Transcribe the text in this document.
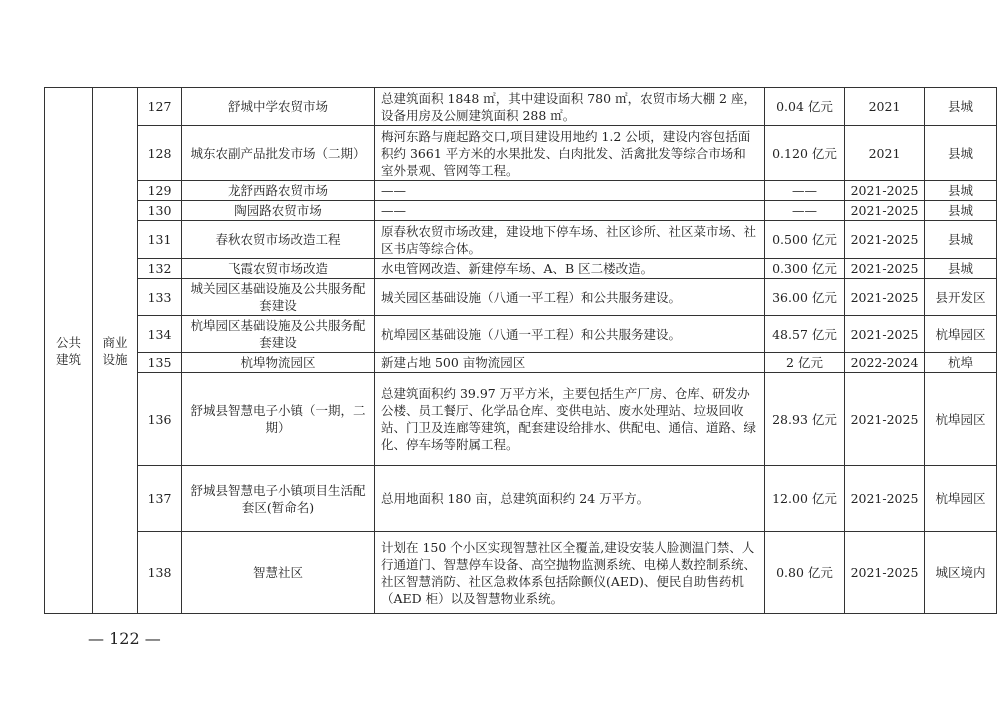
公共建筑	商业设施	127	舒城中学农贸市场	总建筑面积 1848 ㎡，其中建设面积 780 ㎡，农贸市场大棚 2 座，设备用房及公厕建筑面积 288 ㎡。	0.04 亿元	2021	县城
		128	城东农副产品批发市场（二期）	梅河东路与鹿起路交口,项目建设用地约 1.2 公顷，建设内容包括面积约 3661 平方米的水果批发、白肉批发、活禽批发等综合市场和室外景观、管网等工程。	0.120 亿元	2021	县城
		129	龙舒西路农贸市场	——	——	2021-2025	县城
		130	陶园路农贸市场	——	——	2021-2025	县城
		131	春秋农贸市场改造工程	原春秋农贸市场改建，建设地下停车场、社区诊所、社区菜市场、社区书店等综合体。	0.500 亿元	2021-2025	县城
		132	飞霞农贸市场改造	水电管网改造、新建停车场、A、B 区二楼改造。	0.300 亿元	2021-2025	县城
		133	城关园区基础设施及公共服务配套建设	城关园区基础设施（八通一平工程）和公共服务建设。	36.00 亿元	2021-2025	县开发区
		134	杭埠园区基础设施及公共服务配套建设	杭埠园区基础设施（八通一平工程）和公共服务建设。	48.57 亿元	2021-2025	杭埠园区
		135	杭埠物流园区	新建占地 500 亩物流园区	2 亿元	2022-2024	杭埠
		136	舒城县智慧电子小镇（一期，二期）	总建筑面积约 39.97 万平方米，主要包括生产厂房、仓库、研发办公楼、员工餐厅、化学品仓库、变供电站、废水处理站、垃圾回收站、门卫及连廊等建筑，配套建设给排水、供配电、通信、道路、绿化、停车场等附属工程。	28.93 亿元	2021-2025	杭埠园区
		137	舒城县智慧电子小镇项目生活配套区(暂命名)	总用地面积 180 亩，总建筑面积约 24 万平方。	12.00 亿元	2021-2025	杭埠园区
		138	智慧社区	计划在 150 个小区实现智慧社区全覆盖,建设安装人脸测温门禁、人行通道门、智慧停车设备、高空抛物监测系统、电梯人数控制系统、社区智慧消防、社区急救体系包括除颤仪(AED)、便民自助售药机（AED 柜）以及智慧物业系统。	0.80 亿元	2021-2025	城区境内
— 122 —
